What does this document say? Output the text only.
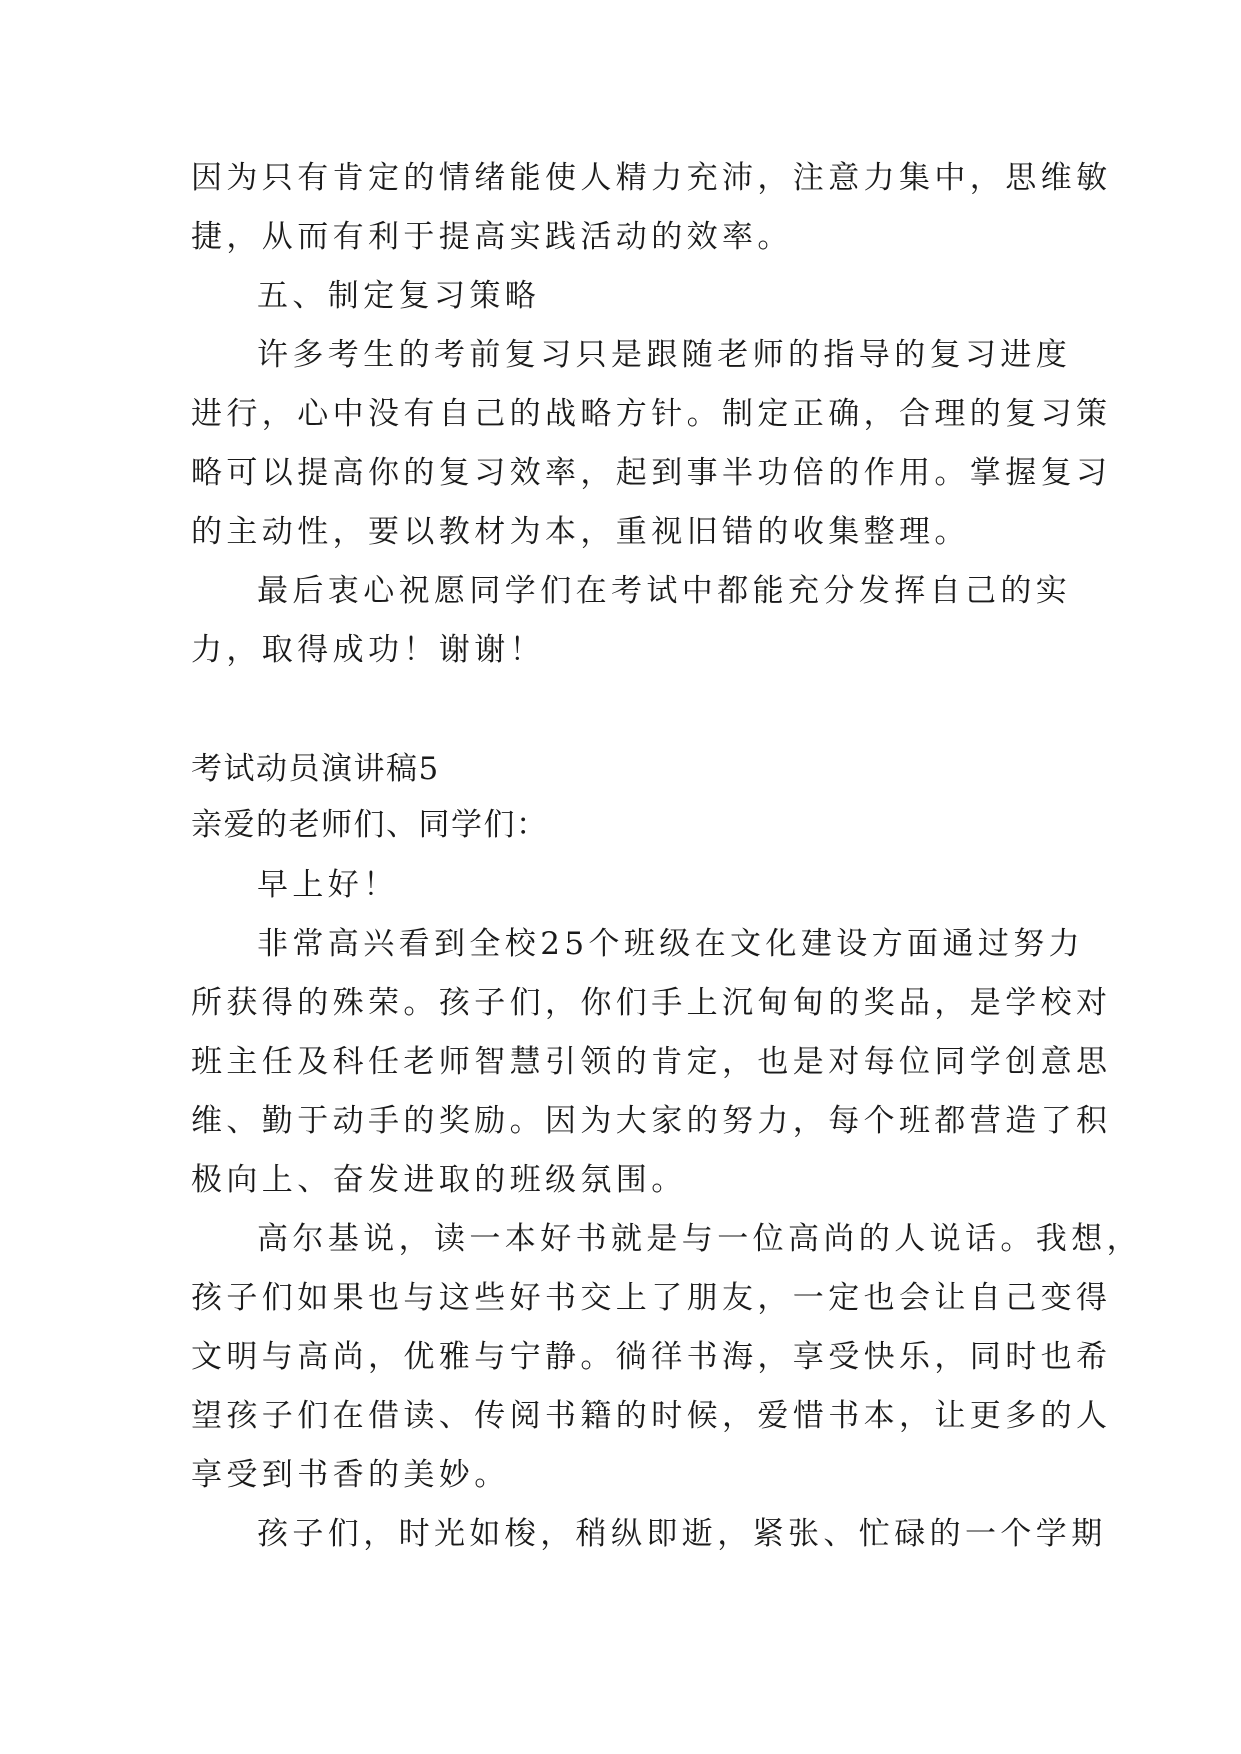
因为只有肯定的情绪能使人精力充沛，注意力集中，思维敏
捷，从而有利于提高实践活动的效率。
五、制定复习策略
许多考生的考前复习只是跟随老师的指导的复习进度
进行，心中没有自己的战略方针。制定正确，合理的复习策
略可以提高你的复习效率，起到事半功倍的作用。掌握复习
的主动性，要以教材为本，重视旧错的收集整理。
最后衷心祝愿同学们在考试中都能充分发挥自己的实
力，取得成功！谢谢！
考试动员演讲稿5
亲爱的老师们、同学们：
早上好！
非常高兴看到全校25个班级在文化建设方面通过努力
所获得的殊荣。孩子们，你们手上沉甸甸的奖品，是学校对
班主任及科任老师智慧引领的肯定，也是对每位同学创意思
维、勤于动手的奖励。因为大家的努力，每个班都营造了积
极向上、奋发进取的班级氛围。
高尔基说，读一本好书就是与一位高尚的人说话。我想，
孩子们如果也与这些好书交上了朋友，一定也会让自己变得
文明与高尚，优雅与宁静。徜徉书海，享受快乐，同时也希
望孩子们在借读、传阅书籍的时候，爱惜书本，让更多的人
享受到书香的美妙。
孩子们，时光如梭，稍纵即逝，紧张、忙碌的一个学期
